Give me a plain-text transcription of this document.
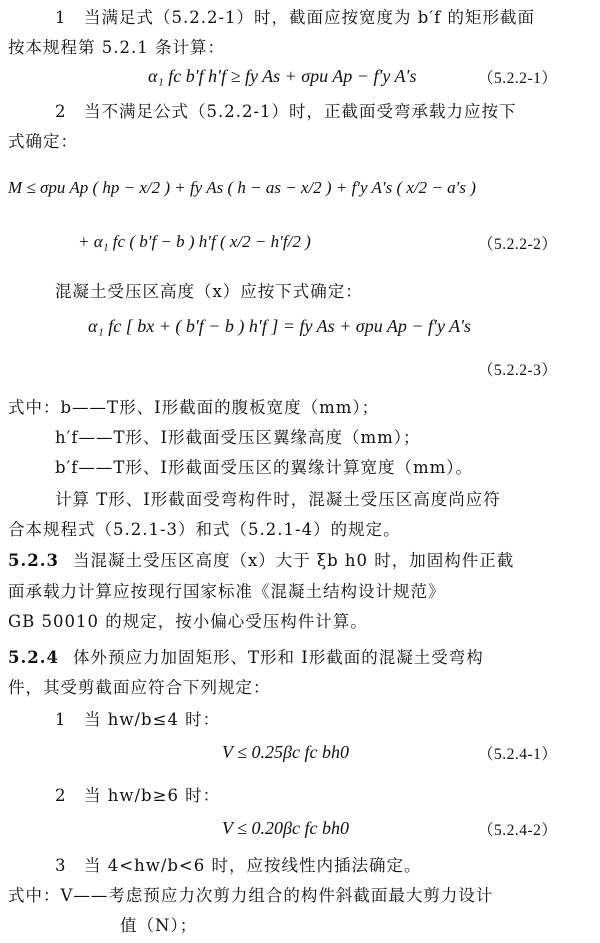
1　当满足式（5.2.2-1）时，截面应按宽度为 b′f 的矩形截面
按本规程第 5.2.1 条计算：
α₁ fc b′f h′f ≥ fy As + σpu Ap − f′y A′s	（5.2.2-1）
2　当不满足公式（5.2.2-1）时，正截面受弯承载力应按下
式确定：
M ≤ σpu Ap ( hp − x/2 ) + fy As ( h − as − x/2 ) + f′y A′s ( x/2 − a′s )
+ α₁ fc ( b′f − b ) h′f ( x/2 − h′f/2 )	（5.2.2-2）
混凝土受压区高度（x）应按下式确定：
α₁ fc [ bx + ( b′f − b ) h′f ] = fy As + σpu Ap − f′y A′s
（5.2.2-3）
式中：b——T形、I形截面的腹板宽度（mm）；
h′f——T形、I形截面受压区翼缘高度（mm）；
b′f——T形、I形截面受压区的翼缘计算宽度（mm）。
计算 T形、I形截面受弯构件时，混凝土受压区高度尚应符
合本规程式（5.2.1-3）和式（5.2.1-4）的规定。
5.2.3 当混凝土受压区高度（x）大于 ξb h0 时，加固构件正截
面承载力计算应按现行国家标准《混凝土结构设计规范》
GB 50010 的规定，按小偏心受压构件计算。
5.2.4 体外预应力加固矩形、T形和 I形截面的混凝土受弯构
件，其受剪截面应符合下列规定：
1　当 hw/b≤4 时：
V ≤ 0.25βc fc bh0	（5.2.4-1）
2　当 hw/b≥6 时：
V ≤ 0.20βc fc bh0	（5.2.4-2）
3　当 4<hw/b<6 时，应按线性内插法确定。
式中：V——考虑预应力次剪力组合的构件斜截面最大剪力设计
值（N）；
